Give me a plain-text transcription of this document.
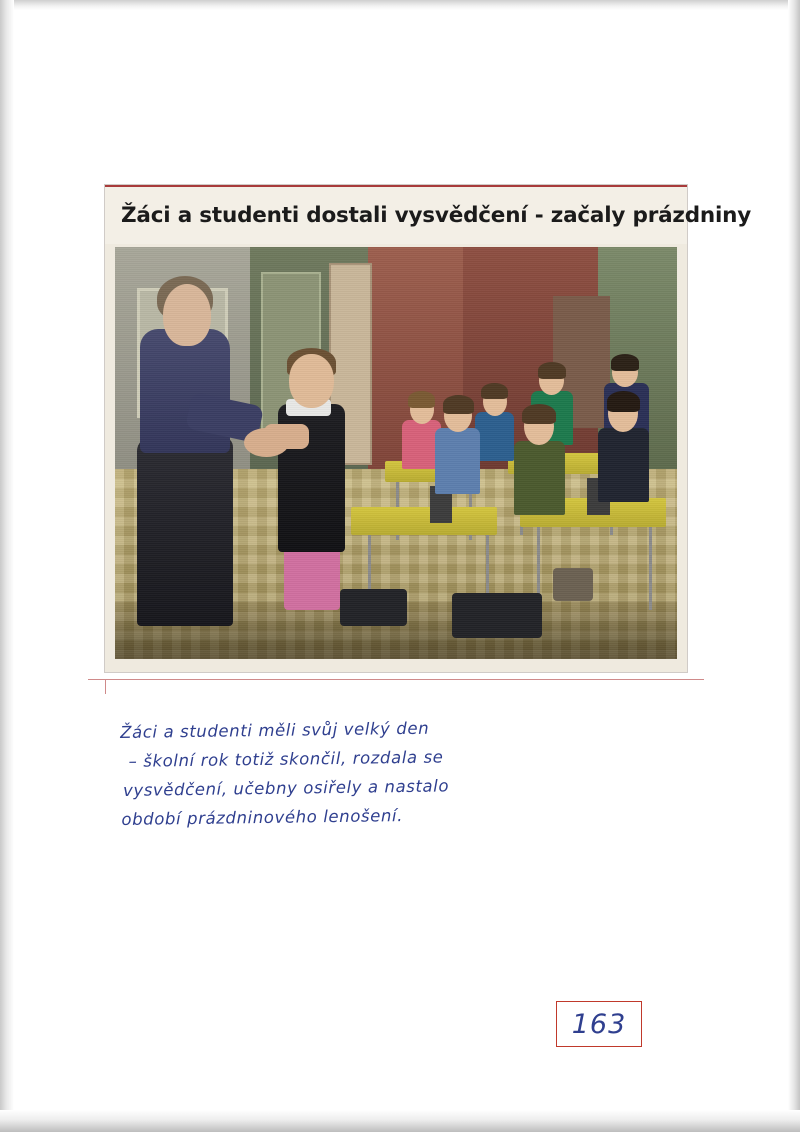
Žáci a studenti dostali vysvědčení - začaly prázdniny
Žáci a studenti měli svůj velký den
– školní rok totiž skončil, rozdala se
vysvědčení, učebny osiřely a nastalo
období prázdninového lenošení.
163
